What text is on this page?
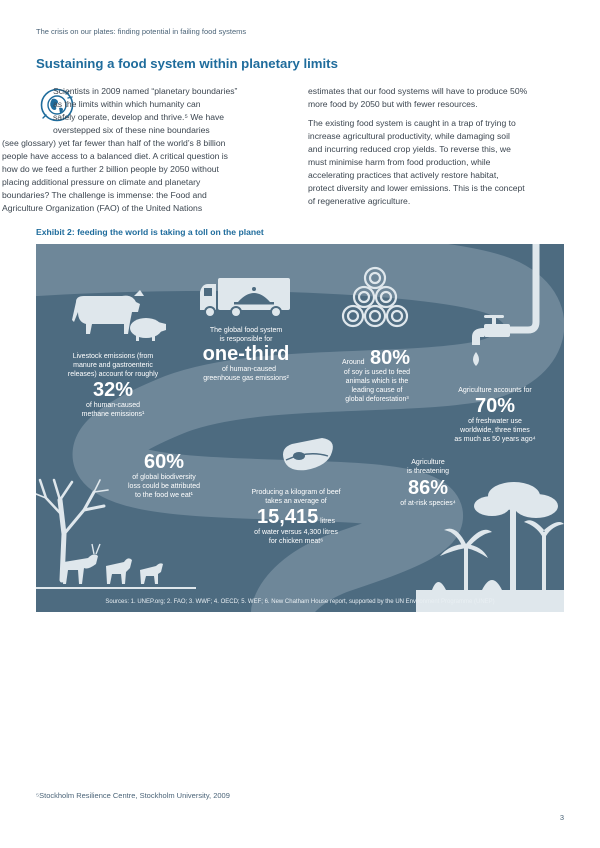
The crisis on our plates: finding potential in failing food systems
Sustaining a food system within planetary limits
Scientists in 2009 named “planetary boundaries”
as the limits within which humanity can
safely operate, develop and thrive.⁵ We have
overstepped six of these nine boundaries
(see glossary) yet far fewer than half of the world’s 8 billion
people have access to a balanced diet. A critical question is
how do we feed a further 2 billion people by 2050 without
placing additional pressure on climate and planetary
boundaries? The challenge is immense: the Food and
Agriculture Organization (FAO) of the United Nations
estimates that our food systems will have to produce 50%
more food by 2050 but with fewer resources.
The existing food system is caught in a trap of trying to
increase agricultural productivity, while damaging soil
and incurring reduced crop yields. To reverse this, we
must minimise harm from food production, while
accelerating practices that actively restore habitat,
protect diversity and lower emissions. This is the concept
of regenerative agriculture.
Exhibit 2: feeding the world is taking a toll on the planet
Livestock emissions (from
manure and gastroenteric
releases) account for roughly
32%
of human-caused
methane emissions¹
The global food system
is responsible for
one-third
of human-caused
greenhouse gas emissions²
Around 80%
of soy is used to feed
animals which is the
leading cause of
global deforestation³
Agriculture accounts for
70%
of freshwater use
worldwide, three times
as much as 50 years ago⁴
60%
of global biodiversity
loss could be attributed
to the food we eat¹	Producing a kilogram of beef
takes an average of
15,415 litres
of water versus 4,300 litres
for chicken meat⁶
Agriculture
is threatening
86%
of at-risk species⁴
Sources: 1. UNEP.org; 2. FAO; 3. WWF; 4. OECD; 5. WEF; 6. New Chatham House report, supported by the UN Environment Programme (UNEP)
⁵Stockholm Resilience Centre, Stockholm University, 2009
3
